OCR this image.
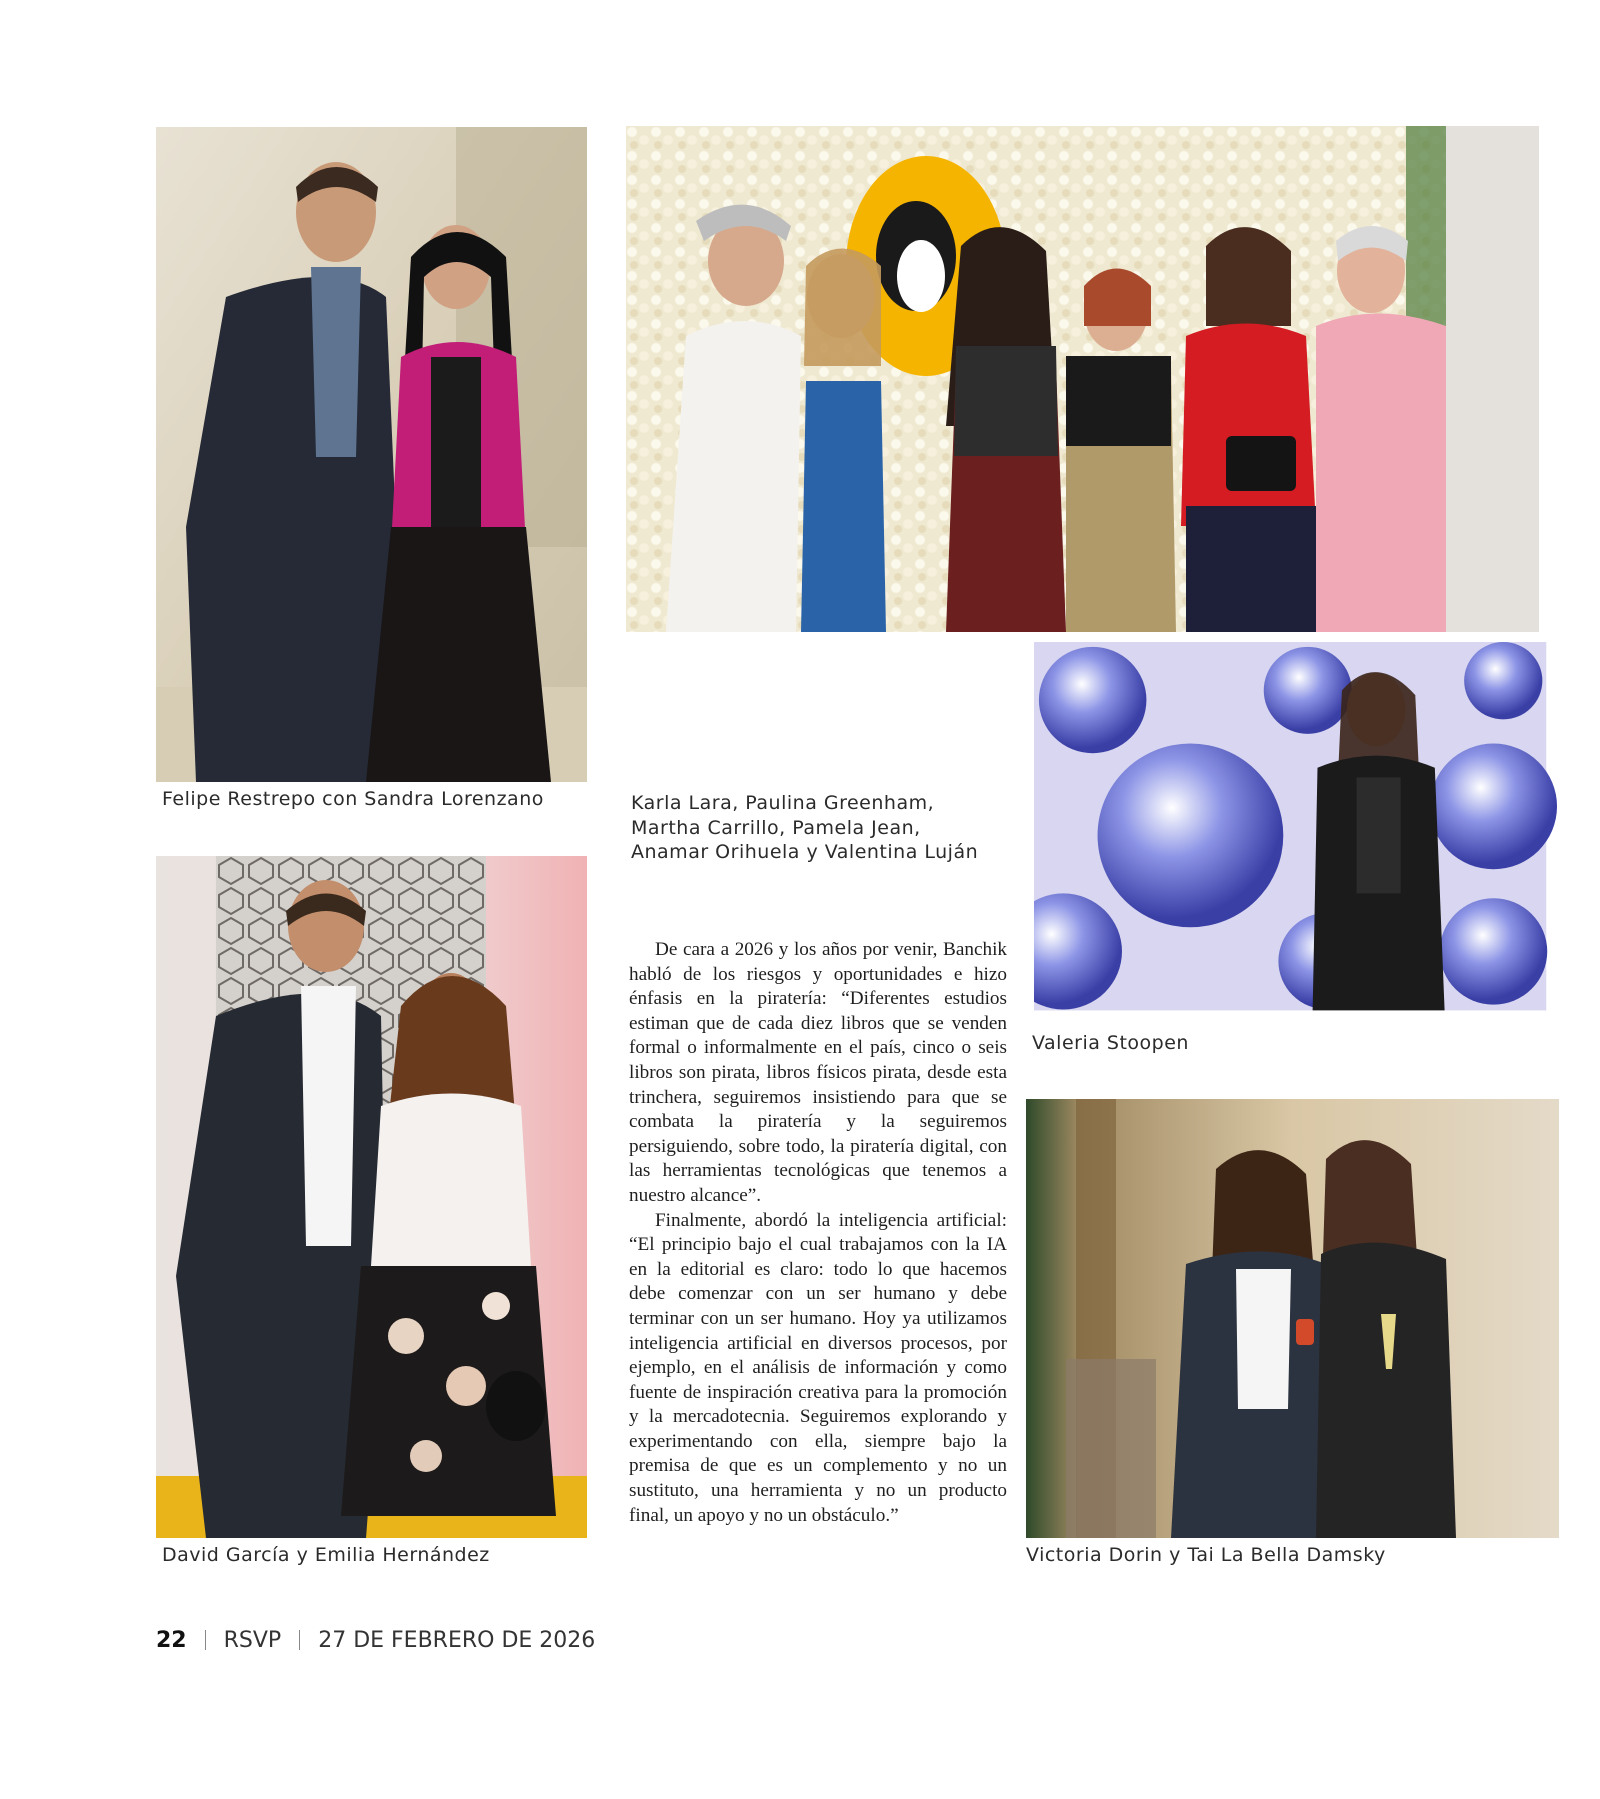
Felipe Restrepo con Sandra Lorenzano	Karla Lara, Paulina Greenham,
Martha Carrillo, Pamela Jean,
Anamar Orihuela y Valentina Luján

Valeria Stoopen

David García y Emilia Hernández

De cara a 2026 y los años por venir, Banchik habló de los riesgos y oportunidades e hizo énfasis en la piratería: “Diferentes estudios estiman que de cada diez libros que se venden formal o informalmente en el país, cinco o seis libros son pirata, libros físicos pirata, desde esta trinchera, seguiremos insistiendo para que se combata la piratería y la seguiremos persiguiendo, sobre todo, la piratería digital, con las herramientas tecnológicas que tenemos a nuestro alcance”.

Finalmente, abordó la inteligencia artificial: “El principio bajo el cual trabajamos con la IA en la editorial es claro: todo lo que hacemos debe comenzar con un ser humano y debe terminar con un ser humano. Hoy ya utilizamos inteligencia artificial en diversos procesos, por ejemplo, en el análisis de información y como fuente de inspiración creativa para la promoción y la mercadotecnia. Seguiremos explorando y experimentando con ella, siempre bajo la premisa de que es un complemento y no un sustituto, una herramienta y no un producto final, un apoyo y no un obstáculo.”

Victoria Dorin y Tai La Bella Damsky

22 RSVP 27 DE FEBRERO DE 2026
